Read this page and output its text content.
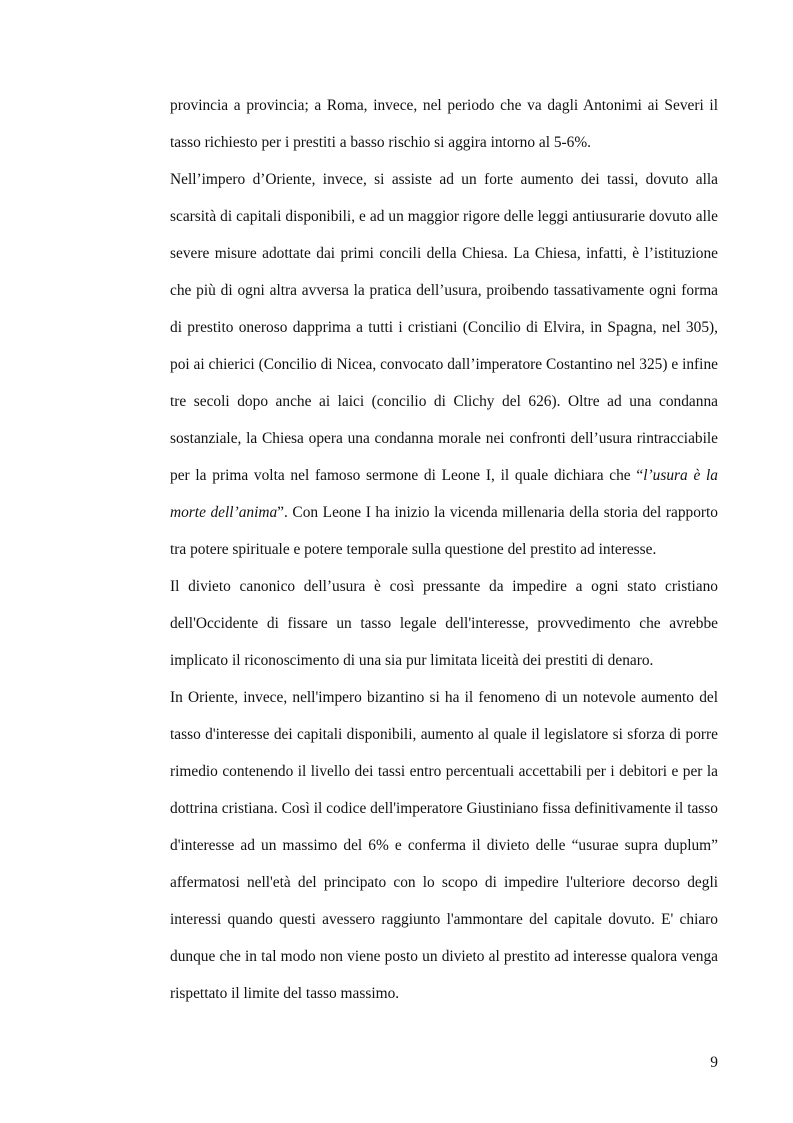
provincia a provincia; a Roma, invece, nel periodo che va dagli Antonimi ai Severi il tasso richiesto per i prestiti a basso rischio si aggira intorno al 5-6%.

Nell’impero d’Oriente, invece, si assiste ad un forte aumento dei tassi, dovuto alla scarsità di capitali disponibili, e ad un maggior rigore delle leggi antiusurarie dovuto alle severe misure adottate dai primi concili della Chiesa. La Chiesa, infatti, è l’istituzione che più di ogni altra avversa la pratica dell’usura, proibendo tassativamente ogni forma di prestito oneroso dapprima a tutti i cristiani (Concilio di Elvira, in Spagna, nel 305), poi ai chierici (Concilio di Nicea, convocato dall’imperatore Costantino nel 325) e infine tre secoli dopo anche ai laici (concilio di Clichy del 626). Oltre ad una condanna sostanziale, la Chiesa opera una condanna morale nei confronti dell’usura rintracciabile per la prima volta nel famoso sermone di Leone I, il quale dichiara che “l’usura è la morte dell’anima”. Con Leone I ha inizio la vicenda millenaria della storia del rapporto tra potere spirituale e potere temporale sulla questione del prestito ad interesse.

Il divieto canonico dell’usura è così pressante da impedire a ogni stato cristiano dell'Occidente di fissare un tasso legale dell'interesse, provvedimento che avrebbe implicato il riconoscimento di una sia pur limitata liceità dei prestiti di denaro.

In Oriente, invece, nell'impero bizantino si ha il fenomeno di un notevole aumento del tasso d'interesse dei capitali disponibili, aumento al quale il legislatore si sforza di porre rimedio contenendo il livello dei tassi entro percentuali accettabili per i debitori e per la dottrina cristiana. Così il codice dell'imperatore Giustiniano fissa definitivamente il tasso d'interesse ad un massimo del 6% e conferma il divieto delle “usurae supra duplum” affermatosi nell'età del principato con lo scopo di impedire l'ulteriore decorso degli interessi quando questi avessero raggiunto l'ammontare del capitale dovuto. E' chiaro dunque che in tal modo non viene posto un divieto al prestito ad interesse qualora venga rispettato il limite del tasso massimo.

9
